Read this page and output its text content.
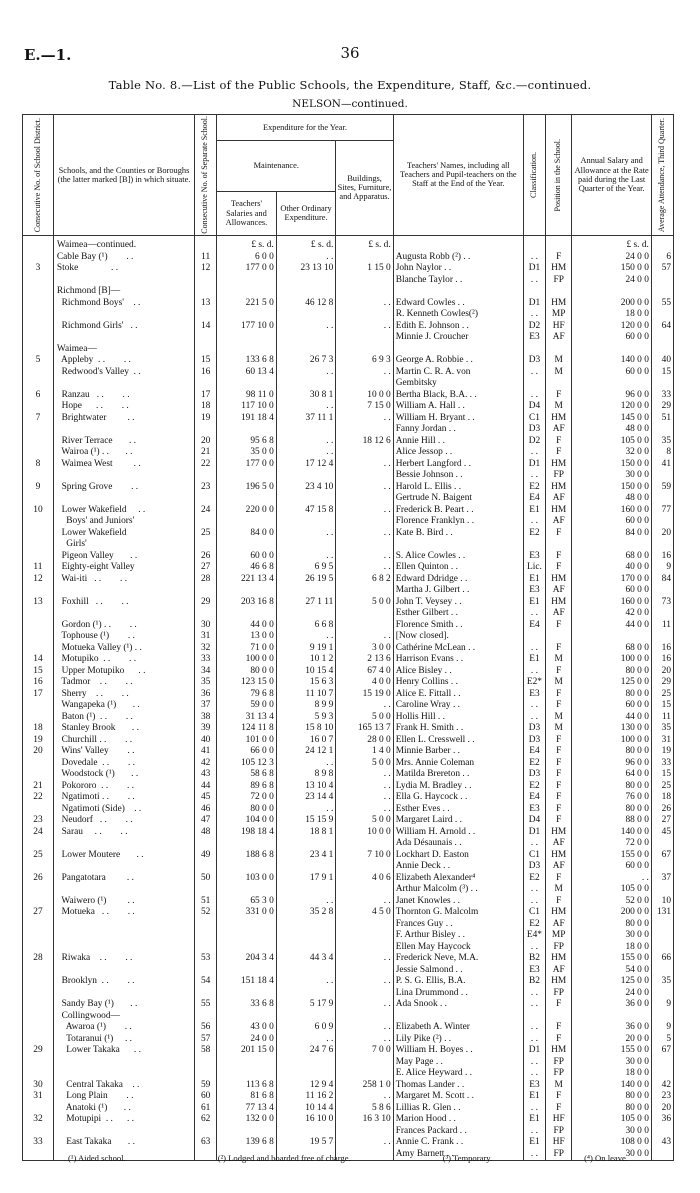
E.—1.	36
Table No. 8.—List of the Public Schools, the Expenditure, Staff, &c.—continued.
NELSON—continued.
Consecutive No. of School District.	Schools, and the Counties or Boroughs (the latter marked [B]) in which situate.	Consecutive No. of Separate School.	Expenditure for the Year.			Teachers' Names, including all Teachers and Pupil-teachers on the Staff at the End of the Year.	Classification.	Position in the School.	Annual Salary and Allowance at the Rate paid during the Last Quarter of the Year.	Average Attendance, Third Quarter.

			Maintenance.		Buildings, Sites, Furniture, and Apparatus.					
			Teachers' Salaries and Allowances.	Other Ordinary Expenditure.						
	Waimea—continued.		£ s. d.	£ s. d.	£ s. d.				£ s. d.	
	Cable Bay (¹)        . .	11	6 0 0	. .		Augusta Robb (²) . .	. .	F	24 0 0	6
3	Stoke              . .	12	177 0 0	23 13 10	1 15 0	John Naylor . .	D1	HM	150 0 0	57
						Blanche Taylor . .	. .	FP	24 0 0	
	Richmond [B]—									
	Richmond Boys'    . .	13	221 5 0	46 12 8	. .	Edward Cowles . .	D1	HM	200 0 0	55
						R. Kenneth Cowles(²)	. .	MP	18 0 0	
	Richmond Girls'   . .	14	177 10 0	. .	. .	Edith E. Johnson . .	D2	HF	120 0 0	64
						Minnie J. Croucher	E3	AF	60 0 0	
	Waimea—									
5	Appleby  . .        . .	15	133 6 8	26 7 3	6 9 3	George A. Robbie . .	D3	M	140 0 0	40
	Redwood's Valley  . .	16	60 13 4	. .	. .	Martin C. R. A. von	. .	M	60 0 0	15
						Gembitsky				
6	Ranzau   . .        . .	17	98 11 0	30 8 1	10 0 0	Bertha Black, B.A. . .	. .	F	96 0 0	33
	Hope      . .        . .	18	117 10 0	. .	7 15 0	William A. Hall . .	D4	M	120 0 0	29
7	Brightwater         . .	19	191 18 4	37 11 1	. .	William H. Bryant . .	C1	HM	145 0 0	51
						Fanny Jordan . .	D3	AF	48 0 0	
	River Terrace       . .	20	95 6 8	. .	18 12 6	Annie Hill . .	D2	F	105 0 0	35
	Wairoa (¹) . .       . .	21	35 0 0	. .		Alice Jessop . .	. .	F	32 0 0	8
8	Waimea West         . .	22	177 0 0	17 12 4	. .	Herbert Langford . .	D1	HM	150 0 0	41
						Bessie Johnson . .	. .	FP	30 0 0	
9	Spring Grove        . .	23	196 5 0	23 4 10	. .	Harold L. Ellis . .	E2	HM	150 0 0	59
						Gertrude N. Baigent	E4	AF	48 0 0	
10	Lower Wakefield     . .	24	220 0 0	47 15 8	. .	Frederick B. Peart . .	E1	HM	160 0 0	77
	Boys' and Juniors'					Florence Franklyn . .	. .	AF	60 0 0	
	Lower Wakefield	25	84 0 0	. .	. .	Kate B. Bird . .	E2	F	84 0 0	20
	Girls'									
	Pigeon Valley       . .	26	60 0 0	. .	. .	S. Alice Cowles . .	E3	F	68 0 0	16
11	Eighty-eight Valley	27	46 6 8	6 9 5	. .	Ellen Quinton . .	Lic.	F	40 0 0	9
12	Wai-iti   . .        . .	28	221 13 4	26 19 5	6 8 2	Edward Ddridge . .	E1	HM	170 0 0	84
						Martha J. Gilbert . .	E3	AF	60 0 0	
13	Foxhill   . .        . .	29	203 16 8	27 1 11	5 0 0	John T. Veysey . .	E1	HM	160 0 0	73
						Esther Gilbert . .	. .	AF	42 0 0	
	Gordon (¹) . .        . .	30	44 0 0	6 6 8		Florence Smith . .	E4	F	44 0 0	11
	Tophouse (¹)        . .	31	13 0 0	. .	. .	[Now closed].				
	Motueka Valley (¹) . .	32	71 0 0	9 19 1	3 0 0	Cathérine McLean . .	. .	F	68 0 0	16
14	Motupiko  . .        . .	33	100 0 0	10 1 2	2 13 6	Harrison Evans . .	E1	M	100 0 0	16
15	Upper Motupiko      . .	34	80 0 0	10 15 4	67 4 0	Alice Bisley . .	. .	F	80 0 0	20
16	Tadmor    . .        . .	35	123 15 0	15 6 3	4 0 0	Henry Collins . .	E2*	M	125 0 0	29
17	Sherry    . .        . .	36	79 6 8	11 10 7	15 19 0	Alice E. Fittall . .	E3	F	80 0 0	25
	Wangapeka (¹)       . .	37	59 0 0	8 9 9	. .	Caroline Wray . .	. .	F	60 0 0	15
	Baton (¹)  . .        . .	38	31 13 4	5 9 3	5 0 0	Hollis Hill . .	. .	M	44 0 0	11
18	Stanley Brook       . .	39	124 11 8	15 8 10	165 13 7	Frank H. Smith . .	D3	M	130 0 0	35
19	Churchill . .        . .	40	101 0 0	16 0 7	28 0 0	Ellen L. Cresswell . .	D3	F	100 0 0	31
20	Wins' Valley        . .	41	66 0 0	24 12 1	1 4 0	Minnie Barber . .	E4	F	80 0 0	19
	Dovedale  . .        . .	42	105 12 3	. .	5 0 0	Mrs. Annie Coleman	E2	F	96 0 0	33
	Woodstock (¹)       . .	43	58 6 8	8 9 8	. .	Matilda Brereton . .	D3	F	64 0 0	15
21	Pokororo  . .        . .	44	89 6 8	13 10 4	. .	Lydia M. Bradley . .	E2	F	80 0 0	25
22	Ngatimoti . .        . .	45	72 0 0	23 14 4	. .	Ella G. Haycock . .	E4	F	76 0 0	18
	Ngatimoti (Side)    . .	46	80 0 0	. .	. .	Esther Eves . .	E3	F	80 0 0	26
23	Neudorf   . .        . .	47	104 0 0	15 15 9	5 0 0	Margaret Laird . .	D4	F	88 0 0	27
24	Sarau     . .        . .	48	198 18 4	18 8 1	10 0 0	William H. Arnold . .	D1	HM	140 0 0	45
						Ada Désaunais . .	. .	AF	72 0 0	
25	Lower Moutere       . .	49	188 6 8	23 4 1	7 10 0	Lockhart D. Easton	C1	HM	155 0 0	67
						Annie Deck . .	D3	AF	60 0 0	
26	Pangatotara         . .	50	103 0 0	17 9 1	4 0 6	Elizabeth Alexander⁴	E2	F	. .	37
						Arthur Malcolm (³) . .	. .	M	105 0 0	
	Waiwero (¹)         . .	51	65 3 0	. .	. .	Janet Knowles . .	. .	F	52 0 0	10
27	Motueka   . .        . .	52	331 0 0	35 2 8	4 5 0	Thornton G. Malcolm	C1	HM	200 0 0	131
						Frances Guy . .	E2	AF	80 0 0	
						F. Arthur Bisley . .	E4*	MP	30 0 0	
						Ellen May Haycock	. .	FP	18 0 0	
28	Riwaka    . .        . .	53	204 3 4	44 3 4	. .	Frederick Neve, M.A.	B2	HM	155 0 0	66
						Jessie Salmond . .	E3	AF	54 0 0	
	Brooklyn  . .        . .	54	151 18 4	. .	. .	P. S. G. Ellis, B.A.	B2	HM	125 0 0	35
						Lina Drummond . .	. .	FP	24 0 0	
	Sandy Bay (¹)       . .	55	33 6 8	5 17 9	. .	Ada Snook . .	. .	F	36 0 0	9
	Collingwood—									
	Awaroa (¹)        . .	56	43 0 0	6 0 9	. .	Elizabeth A. Winter	. .	F	36 0 0	9
	Totaranui (¹)     . .	57	24 0 0	. .	. .	Lily Pike (²) . .	. .	F	20 0 0	5
29	Lower Takaka      . .	58	201 15 0	24 7 6	7 0 0	William H. Boyes . .	D1	HM	155 0 0	67
						May Page . .	. .	FP	30 0 0	
						E. Alice Heyward . .	. .	FP	18 0 0	
30	Central Takaka    . .	59	113 6 8	12 9 4	258 1 0	Thomas Lander . .	E3	M	140 0 0	42
31	Long Plain        . .	60	81 6 8	11 16 2	. .	Margaret M. Scott . .	E1	F	80 0 0	23
	Anatoki (¹)       . .	61	77 13 4	10 14 4	5 8 6	Lillias R. Glen . .	. .	F	80 0 0	20
32	Motupipi  . .      . .	62	132 0 0	16 10 0	16 3 10	Marion Hood . .	E1	HF	105 0 0	36
						Frances Packard . .	. .	FP	30 0 0	
33	East Takaka       . .	63	139 6 8	19 5 7	. .	Annie C. Frank . .	E1	HF	108 0 0	43
						Amy Barnett . .	. .	FP	30 0 0	
(¹) Aided school.	(²) Lodged and boarded free of charge.	(³) Temporary.	(⁴) On leave.
